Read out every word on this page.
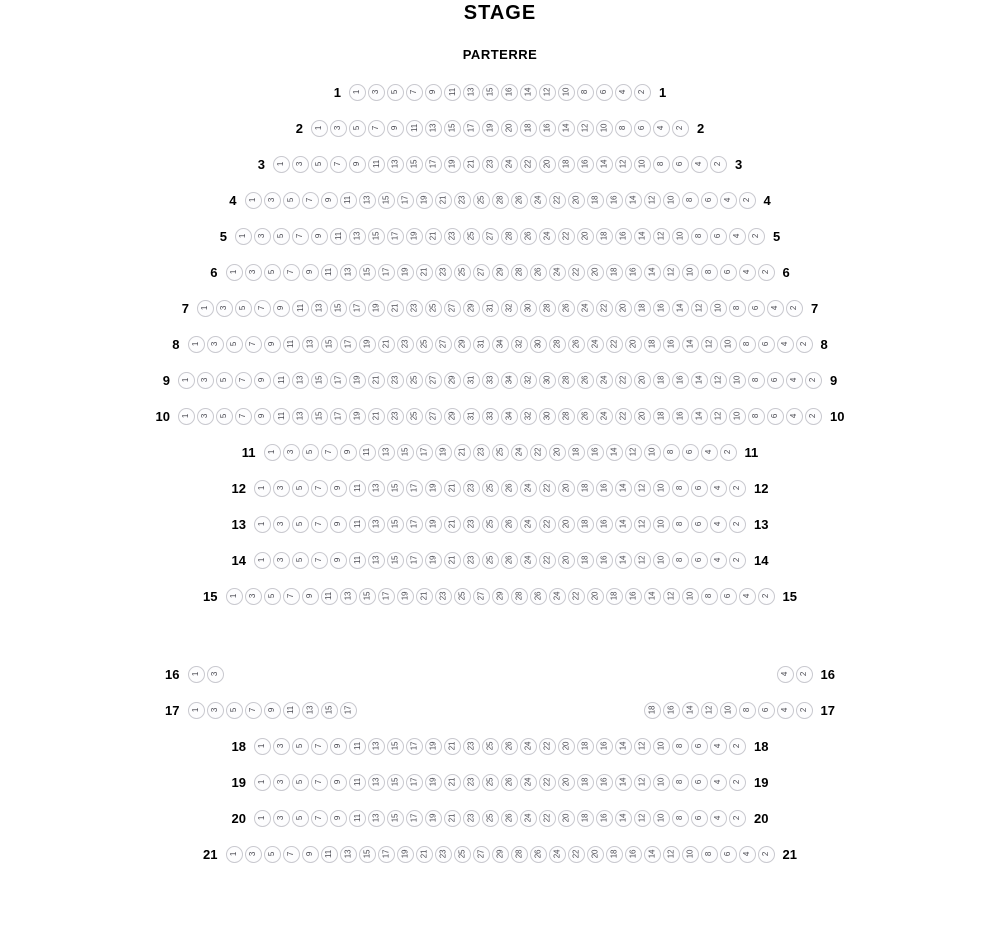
STAGE
PARTERRE
1 1 3 5 7 9 11 13 15 16 14 12 10 8 6 4 2 1
2 1 3 5 7 9 11 13 15 17 19 20 18 16 14 12 10 8 6 4 2 2
3 1 3 5 7 9 11 13 15 17 19 21 23 24 22 20 18 16 14 12 10 8 6 4 2 3
4 1 3 5 7 9 11 13 15 17 19 21 23 25 28 26 24 22 20 18 16 14 12 10 8 6 4 2 4
5 1 3 5 7 9 11 13 15 17 19 21 23 25 27 28 26 24 22 20 18 16 14 12 10 8 6 4 2 5
6 1 3 5 7 9 11 13 15 17 19 21 23 25 27 29 28 26 24 22 20 18 16 14 12 10 8 6 4 2 6
7 1 3 5 7 9 11 13 15 17 19 21 23 25 27 29 31 32 30 28 26 24 22 20 18 16 14 12 10 8 6 4 2 7
8 1 3 5 7 9 11 13 15 17 19 21 23 25 27 29 31 34 32 30 28 26 24 22 20 18 16 14 12 10 8 6 4 2 8
9 1 3 5 7 9 11 13 15 17 19 21 23 25 27 29 31 33 34 32 30 28 26 24 22 20 18 16 14 12 10 8 6 4 2 9
10 1 3 5 7 9 11 13 15 17 19 21 23 25 27 29 31 33 34 32 30 28 26 24 22 20 18 16 14 12 10 8 6 4 2 10
11 1 3 5 7 9 11 13 15 17 19 21 23 25 24 22 20 18 16 14 12 10 8 6 4 2 11
12 1 3 5 7 9 11 13 15 17 19 21 23 25 26 24 22 20 18 16 14 12 10 8 6 4 2 12
13 1 3 5 7 9 11 13 15 17 19 21 23 25 26 24 22 20 18 16 14 12 10 8 6 4 2 13
14 1 3 5 7 9 11 13 15 17 19 21 23 25 26 24 22 20 18 16 14 12 10 8 6 4 2 14
15 1 3 5 7 9 11 13 15 17 19 21 23 25 27 29 28 26 24 22 20 18 16 14 12 10 8 6 4 2 15
16 1 3	4 2 16
17 1 3 5 7 9 11 13 15 17	18 16 14 12 10 8 6 4 2 17
18 1 3 5 7 9 11 13 15 17 19 21 23 25 26 24 22 20 18 16 14 12 10 8 6 4 2 18
19 1 3 5 7 9 11 13 15 17 19 21 23 25 26 24 22 20 18 16 14 12 10 8 6 4 2 19
20 1 3 5 7 9 11 13 15 17 19 21 23 25 26 24 22 20 18 16 14 12 10 8 6 4 2 20
21 1 3 5 7 9 11 13 15 17 19 21 23 25 27 29 28 26 24 22 20 18 16 14 12 10 8 6 4 2 21
